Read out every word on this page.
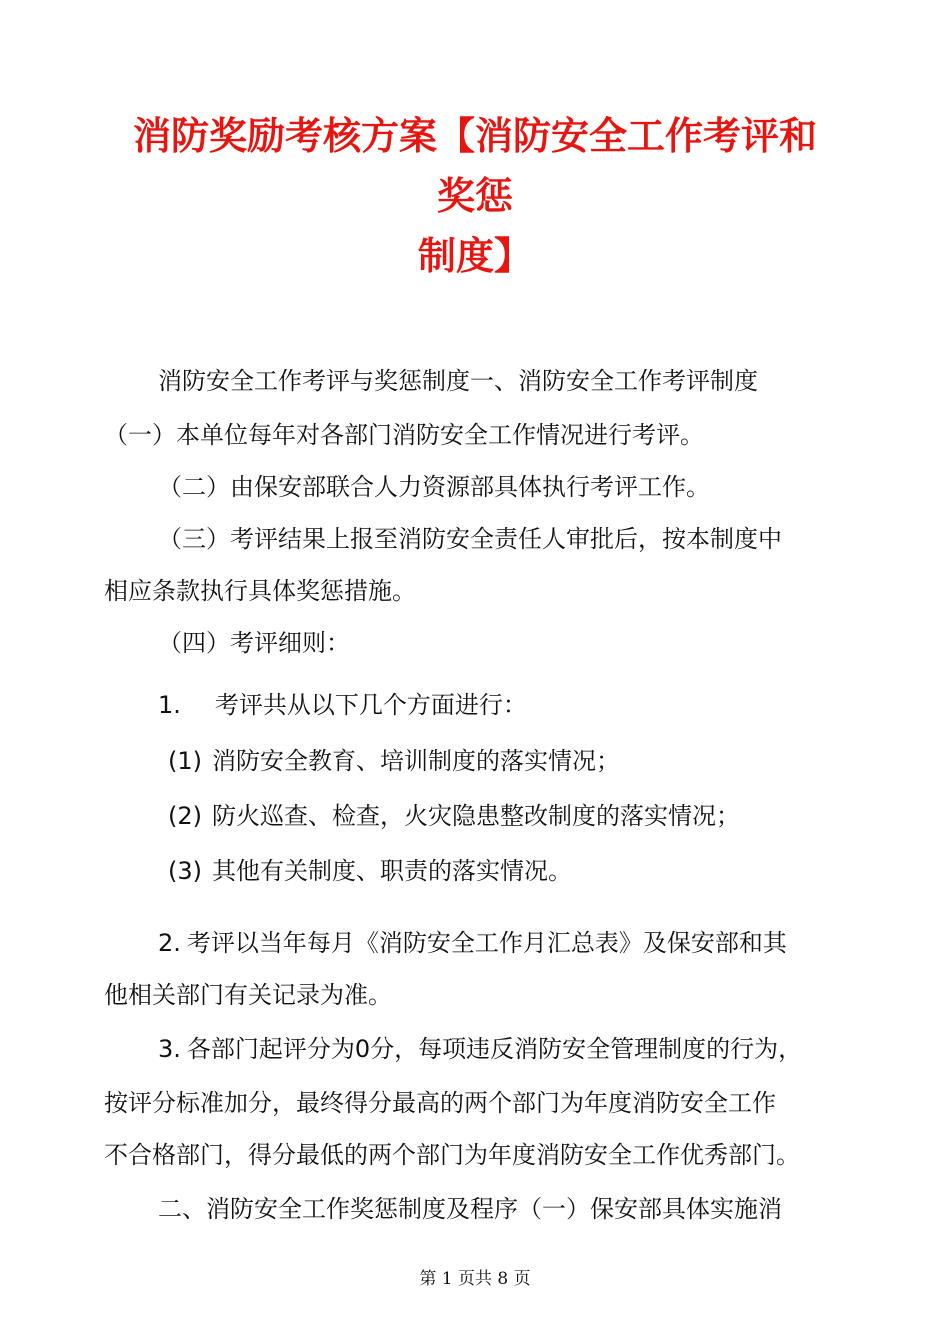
消防奖励考核方案【消防安全工作考评和
奖惩
制度】
消防安全工作考评与奖惩制度一、消防安全工作考评制度
（一）本单位每年对各部门消防安全工作情况进行考评。
（二）由保安部联合人力资源部具体执行考评工作。
（三）考评结果上报至消防安全责任人审批后，按本制度中
相应条款执行具体奖惩措施。
（四）考评细则：
1. 考评共从以下几个方面进行：
(1) 消防安全教育、培训制度的落实情况；
(2) 防火巡查、检查，火灾隐患整改制度的落实情况；
(3) 其他有关制度、职责的落实情况。
2. 考评以当年每月《消防安全工作月汇总表》及保安部和其
他相关部门有关记录为准。
3. 各部门起评分为0分，每项违反消防安全管理制度的行为，
按评分标准加分，最终得分最高的两个部门为年度消防安全工作
不合格部门，得分最低的两个部门为年度消防安全工作优秀部门。
二、消防安全工作奖惩制度及程序（一）保安部具体实施消
第 1 页共 8 页
